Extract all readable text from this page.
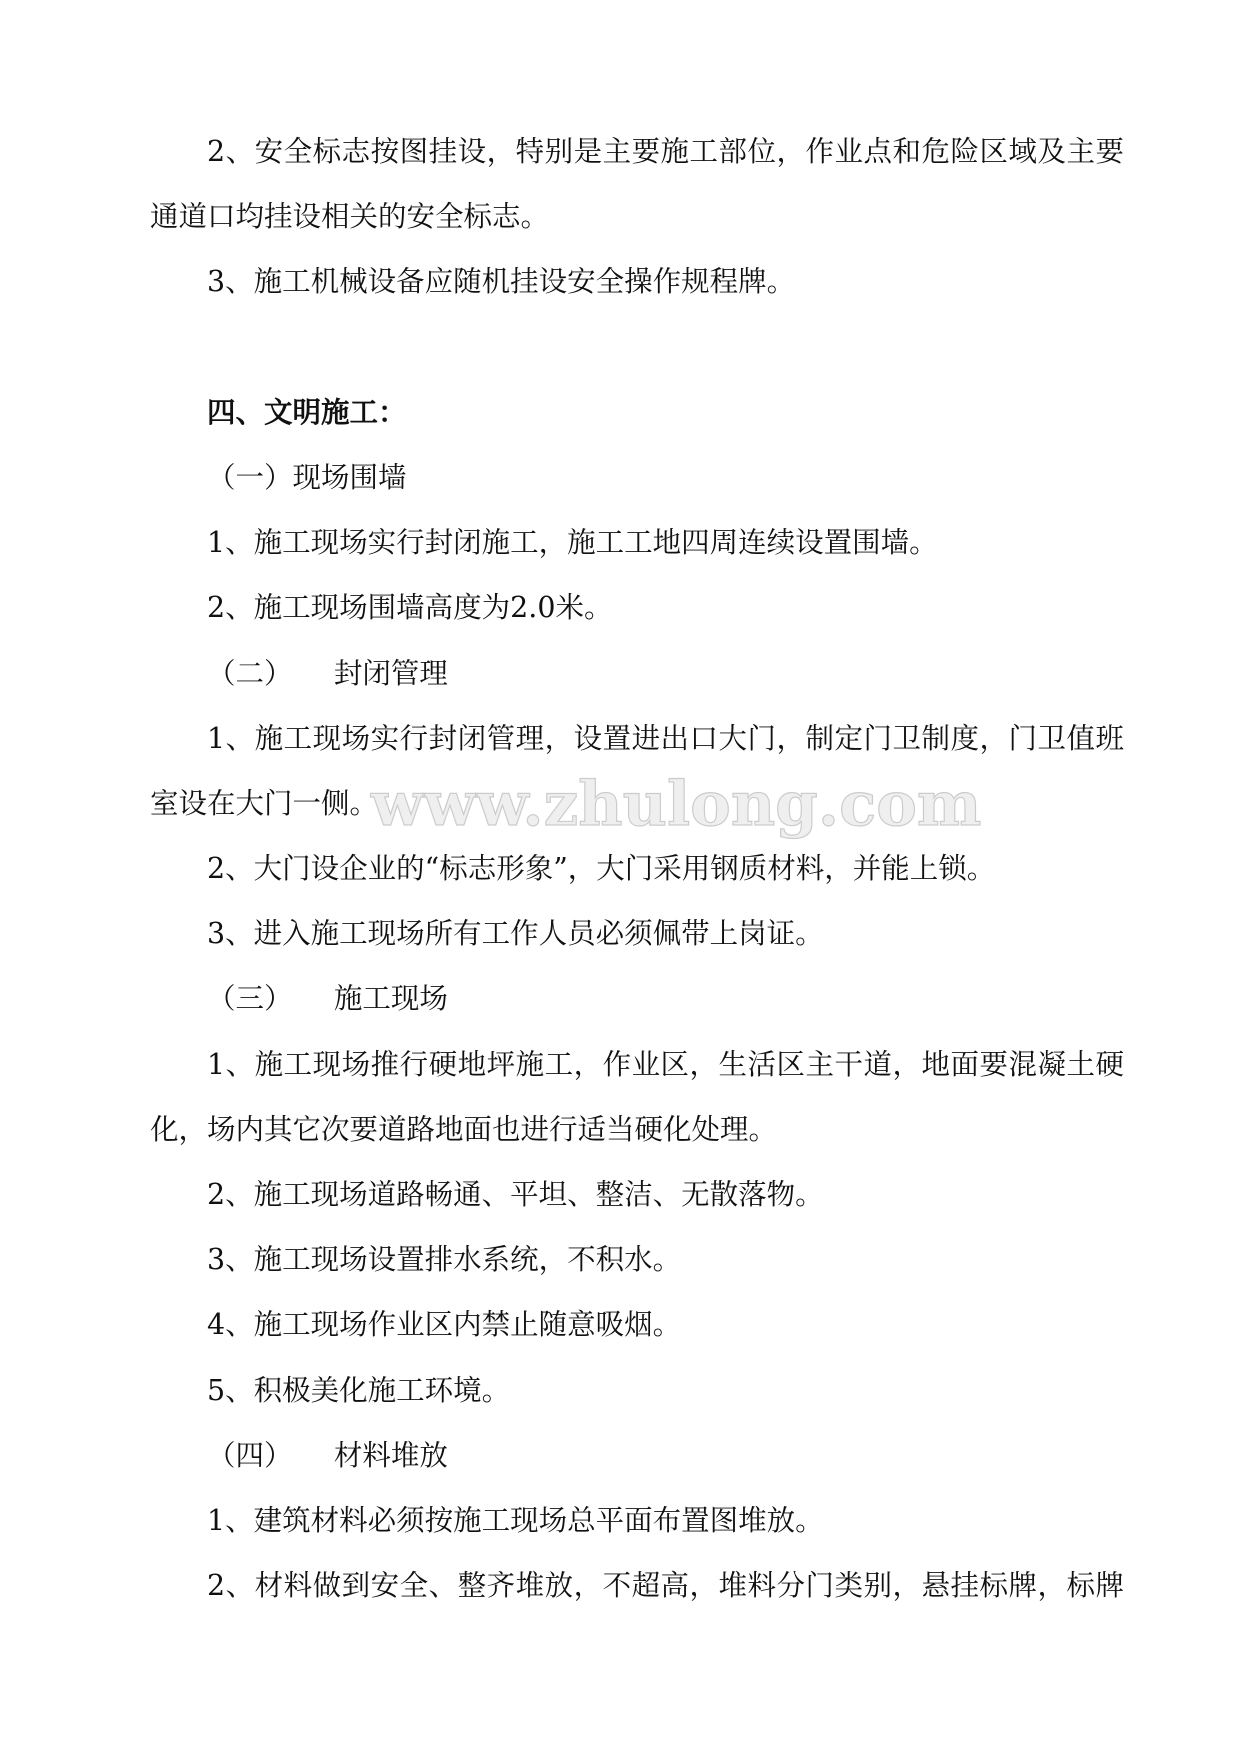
2、安全标志按图挂设，特别是主要施工部位，作业点和危险区域及主要
通道口均挂设相关的安全标志。
3、施工机械设备应随机挂设安全操作规程牌。
四、文明施工：
（一）现场围墙
1、施工现场实行封闭施工，施工工地四周连续设置围墙。
2、施工现场围墙高度为2.0米。
（二） 封闭管理
1、施工现场实行封闭管理，设置进出口大门，制定门卫制度，门卫值班
室设在大门一侧。
2、大门设企业的“标志形象”，大门采用钢质材料，并能上锁。
3、进入施工现场所有工作人员必须佩带上岗证。
（三） 施工现场
1、施工现场推行硬地坪施工，作业区，生活区主干道，地面要混凝土硬
化，场内其它次要道路地面也进行适当硬化处理。
2、施工现场道路畅通、平坦、整洁、无散落物。
3、施工现场设置排水系统，不积水。
4、施工现场作业区内禁止随意吸烟。
5、积极美化施工环境。
（四） 材料堆放
1、建筑材料必须按施工现场总平面布置图堆放。
2、材料做到安全、整齐堆放，不超高，堆料分门类别，悬挂标牌，标牌
www.zhulong.com
